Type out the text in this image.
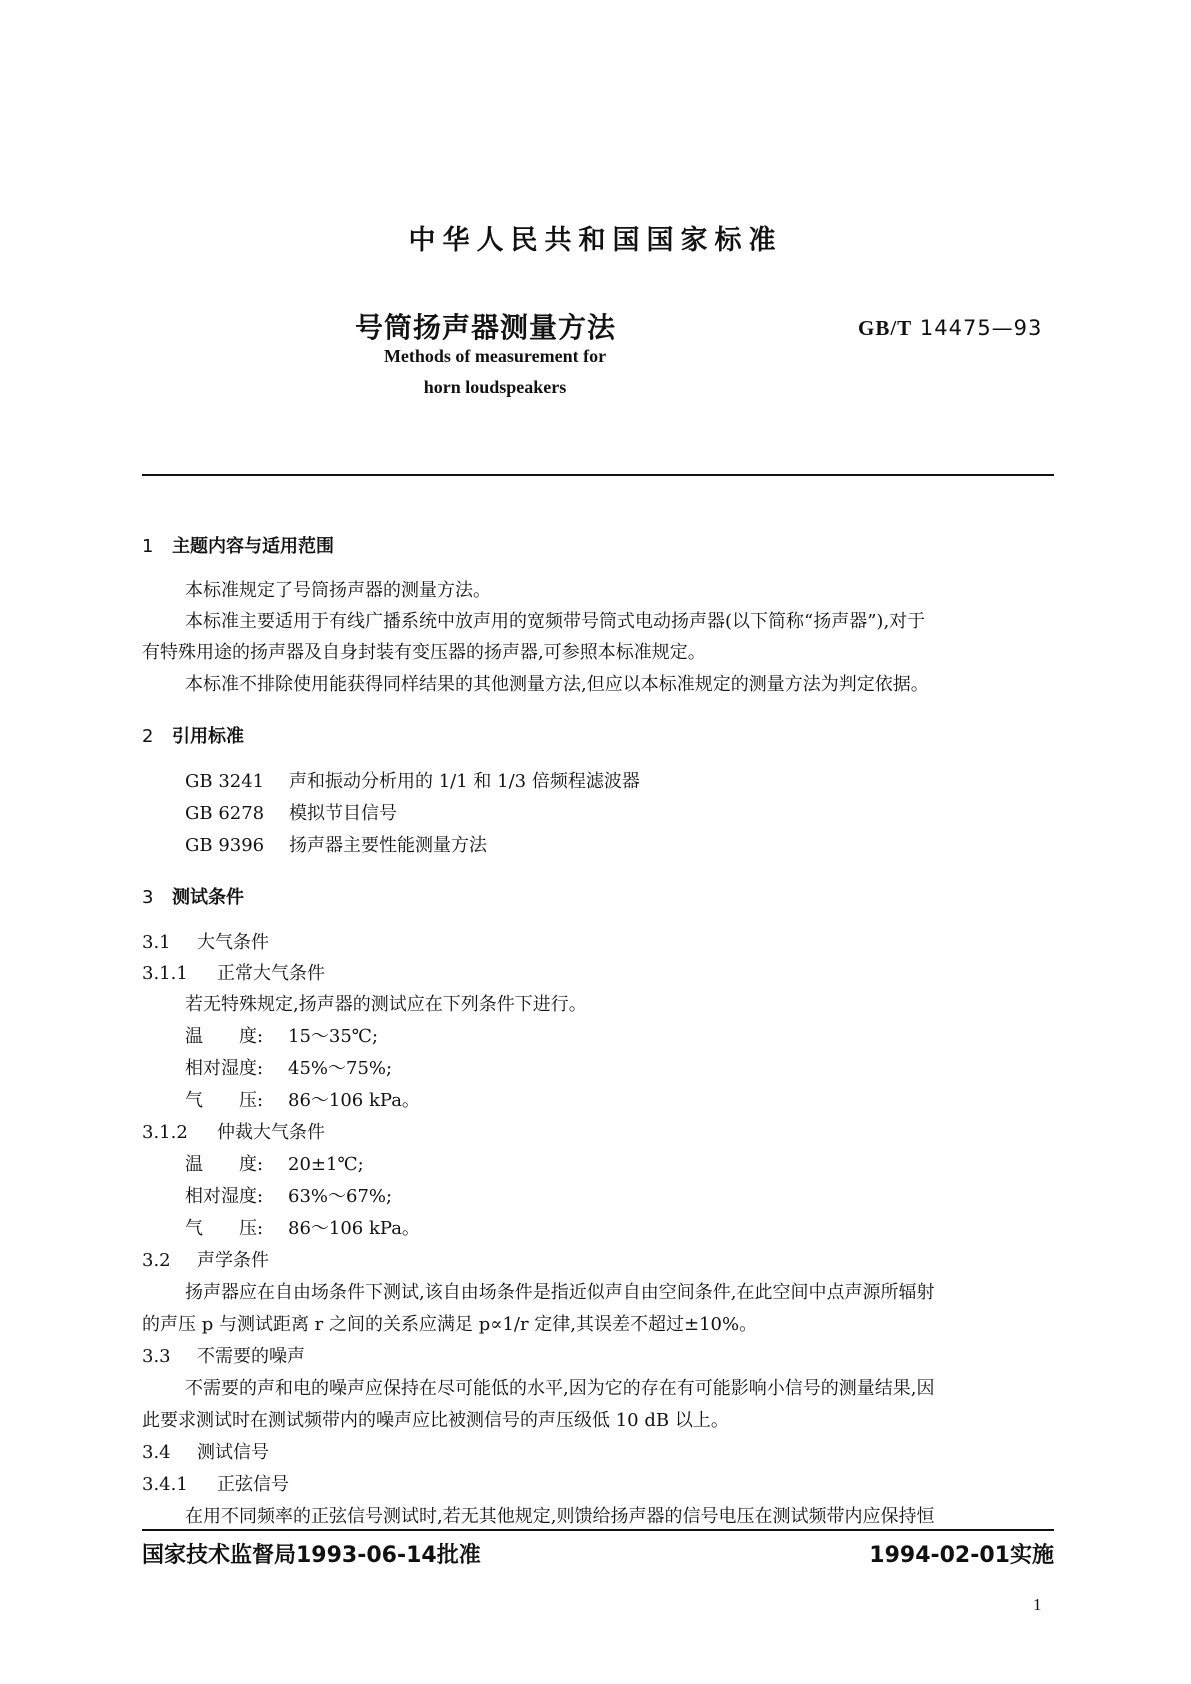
中华人民共和国国家标准
号筒扬声器测量方法	GB/T 14475—93
Methods of measurement for
horn loudspeakers
1 主题内容与适用范围
本标准规定了号筒扬声器的测量方法。
本标准主要适用于有线广播系统中放声用的宽频带号筒式电动扬声器(以下简称“扬声器”),对于
有特殊用途的扬声器及自身封装有变压器的扬声器,可参照本标准规定。
本标准不排除使用能获得同样结果的其他测量方法,但应以本标准规定的测量方法为判定依据。
2 引用标准
GB 3241 声和振动分析用的 1/1 和 1/3 倍频程滤波器
GB 6278 模拟节目信号
GB 9396 扬声器主要性能测量方法
3 测试条件
3.1 大气条件
3.1.1 正常大气条件
若无特殊规定,扬声器的测试应在下列条件下进行。
温　　度: 15～35℃;
相对湿度: 45%～75%;
气　　压: 86～106 kPa。
3.1.2 仲裁大气条件
温　　度: 20±1℃;
相对湿度: 63%～67%;
气　　压: 86～106 kPa。
3.2 声学条件
扬声器应在自由场条件下测试,该自由场条件是指近似声自由空间条件,在此空间中点声源所辐射
的声压 p 与测试距离 r 之间的关系应满足 p∝1/r 定律,其误差不超过±10%。
3.3 不需要的噪声
不需要的声和电的噪声应保持在尽可能低的水平,因为它的存在有可能影响小信号的测量结果,因
此要求测试时在测试频带内的噪声应比被测信号的声压级低 10 dB 以上。
3.4 测试信号
3.4.1 正弦信号
在用不同频率的正弦信号测试时,若无其他规定,则馈给扬声器的信号电压在测试频带内应保持恒
国家技术监督局1993-06-14批准	1994-02-01实施
1
